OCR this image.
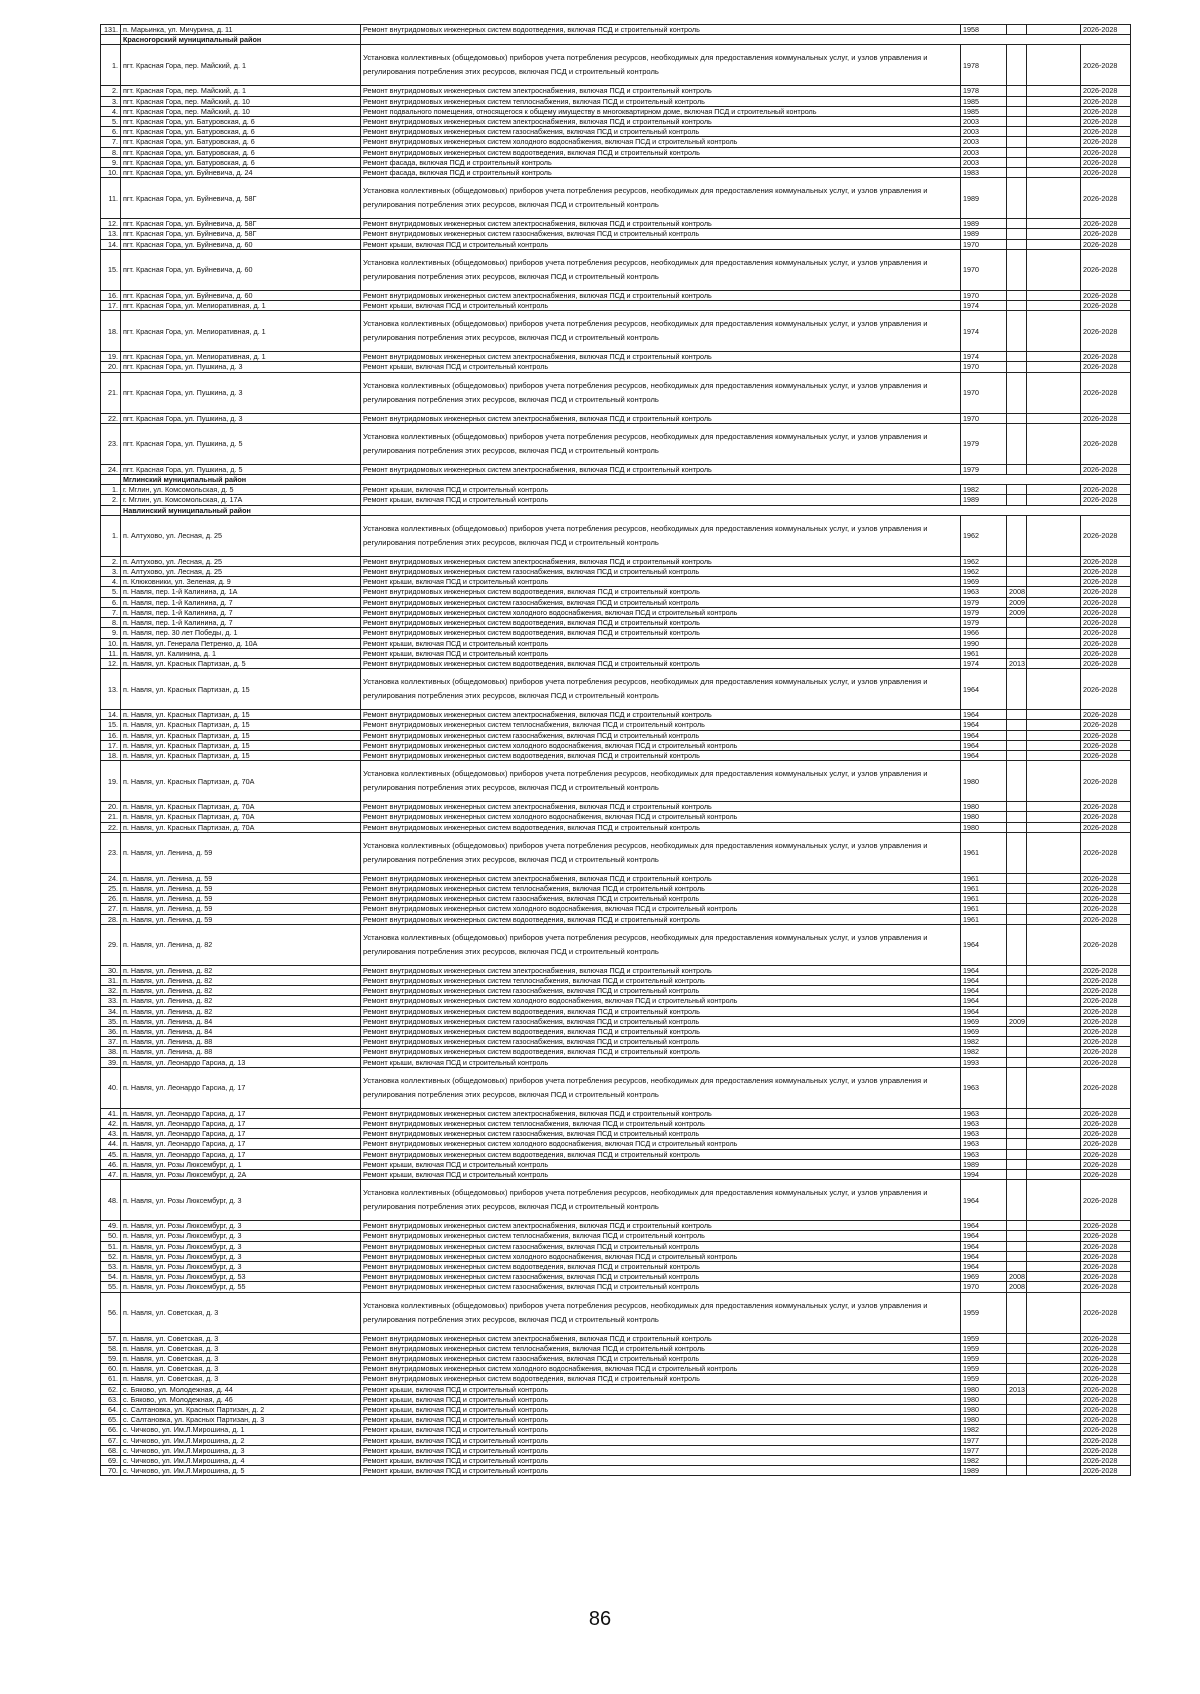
131.	п. Марьинка, ул. Мичурина, д. 11	Ремонт внутридомовых инженерных систем водоотведения, включая ПСД и строительный контроль	1958			2026-2028
	Красногорский муниципальный район					
1.	пгт. Красная Гора, пер. Майский, д. 1	Установка коллективных (общедомовых) приборов учета потребления ресурсов, необходимых для предоставления коммунальных услуг, и узлов управления и регулирования потребления этих ресурсов, включая ПСД и строительный контроль	1978			2026-2028
2.	пгт. Красная Гора, пер. Майский, д. 1	Ремонт внутридомовых инженерных систем электроснабжения, включая ПСД и строительный контроль	1978			2026-2028
3.	пгт. Красная Гора, пер. Майский, д. 10	Ремонт внутридомовых инженерных систем теплоснабжения, включая ПСД и строительный контроль	1985			2026-2028
4.	пгт. Красная Гора, пер. Майский, д. 10	Ремонт подвального помещения, относящегося к общему имуществу в многоквартирном доме, включая ПСД и строительный контроль	1985			2026-2028
5.	пгт. Красная Гора, ул. Батуровская, д. 6	Ремонт внутридомовых инженерных систем электроснабжения, включая ПСД и строительный контроль	2003			2026-2028
6.	пгт. Красная Гора, ул. Батуровская, д. 6	Ремонт внутридомовых инженерных систем газоснабжения, включая ПСД и строительный контроль	2003			2026-2028
7.	пгт. Красная Гора, ул. Батуровская, д. 6	Ремонт внутридомовых инженерных систем холодного водоснабжения, включая ПСД и строительный контроль	2003			2026-2028
8.	пгт. Красная Гора, ул. Батуровская, д. 6	Ремонт внутридомовых инженерных систем водоотведения, включая ПСД и строительный контроль	2003			2026-2028
9.	пгт. Красная Гора, ул. Батуровская, д. 6	Ремонт фасада, включая ПСД и строительный контроль	2003			2026-2028
10.	пгт. Красная Гора, ул. Буйневича, д. 24	Ремонт фасада, включая ПСД и строительный контроль	1983			2026-2028
11.	пгт. Красная Гора, ул. Буйневича, д. 58Г	Установка коллективных (общедомовых) приборов учета потребления ресурсов, необходимых для предоставления коммунальных услуг, и узлов управления и регулирования потребления этих ресурсов, включая ПСД и строительный контроль	1989			2026-2028
12.	пгт. Красная Гора, ул. Буйневича, д. 58Г	Ремонт внутридомовых инженерных систем электроснабжения, включая ПСД и строительный контроль	1989			2026-2028
13.	пгт. Красная Гора, ул. Буйневича, д. 58Г	Ремонт внутридомовых инженерных систем газоснабжения, включая ПСД и строительный контроль	1989			2026-2028
14.	пгт. Красная Гора, ул. Буйневича, д. 60	Ремонт крыши, включая ПСД и строительный контроль	1970			2026-2028
15.	пгт. Красная Гора, ул. Буйневича, д. 60	Установка коллективных (общедомовых) приборов учета потребления ресурсов, необходимых для предоставления коммунальных услуг, и узлов управления и регулирования потребления этих ресурсов, включая ПСД и строительный контроль	1970			2026-2028
16.	пгт. Красная Гора, ул. Буйневича, д. 60	Ремонт внутридомовых инженерных систем электроснабжения, включая ПСД и строительный контроль	1970			2026-2028
17.	пгт. Красная Гора, ул. Мелиоративная, д. 1	Ремонт крыши, включая ПСД и строительный контроль	1974			2026-2028
18.	пгт. Красная Гора, ул. Мелиоративная, д. 1	Установка коллективных (общедомовых) приборов учета потребления ресурсов, необходимых для предоставления коммунальных услуг, и узлов управления и регулирования потребления этих ресурсов, включая ПСД и строительный контроль	1974			2026-2028
19.	пгт. Красная Гора, ул. Мелиоративная, д. 1	Ремонт внутридомовых инженерных систем электроснабжения, включая ПСД и строительный контроль	1974			2026-2028
20.	пгт. Красная Гора, ул. Пушкина, д. 3	Ремонт крыши, включая ПСД и строительный контроль	1970			2026-2028
21.	пгт. Красная Гора, ул. Пушкина, д. 3	Установка коллективных (общедомовых) приборов учета потребления ресурсов, необходимых для предоставления коммунальных услуг, и узлов управления и регулирования потребления этих ресурсов, включая ПСД и строительный контроль	1970			2026-2028
22.	пгт. Красная Гора, ул. Пушкина, д. 3	Ремонт внутридомовых инженерных систем электроснабжения, включая ПСД и строительный контроль	1970			2026-2028
23.	пгт. Красная Гора, ул. Пушкина, д. 5	Установка коллективных (общедомовых) приборов учета потребления ресурсов, необходимых для предоставления коммунальных услуг, и узлов управления и регулирования потребления этих ресурсов, включая ПСД и строительный контроль	1979			2026-2028
24.	пгт. Красная Гора, ул. Пушкина, д. 5	Ремонт внутридомовых инженерных систем электроснабжения, включая ПСД и строительный контроль	1979			2026-2028
	Мглинский муниципальный район					
1.	г. Мглин, ул. Комсомольская, д. 5	Ремонт крыши, включая ПСД и строительный контроль	1982			2026-2028
2.	г. Мглин, ул. Комсомольская, д. 17А	Ремонт крыши, включая ПСД и строительный контроль	1989			2026-2028
	Навлинский муниципальный район					
1.	п. Алтухово, ул. Лесная, д. 25	Установка коллективных (общедомовых) приборов учета потребления ресурсов, необходимых для предоставления коммунальных услуг, и узлов управления и регулирования потребления этих ресурсов, включая ПСД и строительный контроль	1962			2026-2028
2.	п. Алтухово, ул. Лесная, д. 25	Ремонт внутридомовых инженерных систем электроснабжения, включая ПСД и строительный контроль	1962			2026-2028
3.	п. Алтухово, ул. Лесная, д. 25	Ремонт внутридомовых инженерных систем газоснабжения, включая ПСД и строительный контроль	1962			2026-2028
4.	п. Клюковники, ул. Зеленая, д. 9	Ремонт крыши, включая ПСД и строительный контроль	1969			2026-2028
5.	п. Навля, пер. 1-й Калинина, д. 1А	Ремонт внутридомовых инженерных систем водоотведения, включая ПСД и строительный контроль	1963	2008		2026-2028
6.	п. Навля, пер. 1-й Калинина, д. 7	Ремонт внутридомовых инженерных систем газоснабжения, включая ПСД и строительный контроль	1979	2009		2026-2028
7.	п. Навля, пер. 1-й Калинина, д. 7	Ремонт внутридомовых инженерных систем холодного водоснабжения, включая ПСД и строительный контроль	1979	2009		2026-2028
8.	п. Навля, пер. 1-й Калинина, д. 7	Ремонт внутридомовых инженерных систем водоотведения, включая ПСД и строительный контроль	1979			2026-2028
9.	п. Навля, пер. 30 лет Победы, д. 1	Ремонт внутридомовых инженерных систем водоотведения, включая ПСД и строительный контроль	1966			2026-2028
10.	п. Навля, ул. Генерала Петренко, д. 10А	Ремонт крыши, включая ПСД и строительный контроль	1990			2026-2028
11.	п. Навля, ул. Калинина, д. 1	Ремонт крыши, включая ПСД и строительный контроль	1961			2026-2028
12.	п. Навля, ул. Красных Партизан, д. 5	Ремонт внутридомовых инженерных систем водоотведения, включая ПСД и строительный контроль	1974	2013		2026-2028
13.	п. Навля, ул. Красных Партизан, д. 15	Установка коллективных (общедомовых) приборов учета потребления ресурсов, необходимых для предоставления коммунальных услуг, и узлов управления и регулирования потребления этих ресурсов, включая ПСД и строительный контроль	1964			2026-2028
14.	п. Навля, ул. Красных Партизан, д. 15	Ремонт внутридомовых инженерных систем электроснабжения, включая ПСД и строительный контроль	1964			2026-2028
15.	п. Навля, ул. Красных Партизан, д. 15	Ремонт внутридомовых инженерных систем теплоснабжения, включая ПСД и строительный контроль	1964			2026-2028
16.	п. Навля, ул. Красных Партизан, д. 15	Ремонт внутридомовых инженерных систем газоснабжения, включая ПСД и строительный контроль	1964			2026-2028
17.	п. Навля, ул. Красных Партизан, д. 15	Ремонт внутридомовых инженерных систем холодного водоснабжения, включая ПСД и строительный контроль	1964			2026-2028
18.	п. Навля, ул. Красных Партизан, д. 15	Ремонт внутридомовых инженерных систем водоотведения, включая ПСД и строительный контроль	1964			2026-2028
19.	п. Навля, ул. Красных Партизан, д. 70А	Установка коллективных (общедомовых) приборов учета потребления ресурсов, необходимых для предоставления коммунальных услуг, и узлов управления и регулирования потребления этих ресурсов, включая ПСД и строительный контроль	1980			2026-2028
20.	п. Навля, ул. Красных Партизан, д. 70А	Ремонт внутридомовых инженерных систем электроснабжения, включая ПСД и строительный контроль	1980			2026-2028
21.	п. Навля, ул. Красных Партизан, д. 70А	Ремонт внутридомовых инженерных систем холодного водоснабжения, включая ПСД и строительный контроль	1980			2026-2028
22.	п. Навля, ул. Красных Партизан, д. 70А	Ремонт внутридомовых инженерных систем водоотведения, включая ПСД и строительный контроль	1980			2026-2028
23.	п. Навля, ул. Ленина, д. 59	Установка коллективных (общедомовых) приборов учета потребления ресурсов, необходимых для предоставления коммунальных услуг, и узлов управления и регулирования потребления этих ресурсов, включая ПСД и строительный контроль	1961			2026-2028
24.	п. Навля, ул. Ленина, д. 59	Ремонт внутридомовых инженерных систем электроснабжения, включая ПСД и строительный контроль	1961			2026-2028
25.	п. Навля, ул. Ленина, д. 59	Ремонт внутридомовых инженерных систем теплоснабжения, включая ПСД и строительный контроль	1961			2026-2028
26.	п. Навля, ул. Ленина, д. 59	Ремонт внутридомовых инженерных систем газоснабжения, включая ПСД и строительный контроль	1961			2026-2028
27.	п. Навля, ул. Ленина, д. 59	Ремонт внутридомовых инженерных систем холодного водоснабжения, включая ПСД и строительный контроль	1961			2026-2028
28.	п. Навля, ул. Ленина, д. 59	Ремонт внутридомовых инженерных систем водоотведения, включая ПСД и строительный контроль	1961			2026-2028
29.	п. Навля, ул. Ленина, д. 82	Установка коллективных (общедомовых) приборов учета потребления ресурсов, необходимых для предоставления коммунальных услуг, и узлов управления и регулирования потребления этих ресурсов, включая ПСД и строительный контроль	1964			2026-2028
30.	п. Навля, ул. Ленина, д. 82	Ремонт внутридомовых инженерных систем электроснабжения, включая ПСД и строительный контроль	1964			2026-2028
31.	п. Навля, ул. Ленина, д. 82	Ремонт внутридомовых инженерных систем теплоснабжения, включая ПСД и строительный контроль	1964			2026-2028
32.	п. Навля, ул. Ленина, д. 82	Ремонт внутридомовых инженерных систем газоснабжения, включая ПСД и строительный контроль	1964			2026-2028
33.	п. Навля, ул. Ленина, д. 82	Ремонт внутридомовых инженерных систем холодного водоснабжения, включая ПСД и строительный контроль	1964			2026-2028
34.	п. Навля, ул. Ленина, д. 82	Ремонт внутридомовых инженерных систем водоотведения, включая ПСД и строительный контроль	1964			2026-2028
35.	п. Навля, ул. Ленина, д. 84	Ремонт внутридомовых инженерных систем газоснабжения, включая ПСД и строительный контроль	1969	2009		2026-2028
36.	п. Навля, ул. Ленина, д. 84	Ремонт внутридомовых инженерных систем водоотведения, включая ПСД и строительный контроль	1969			2026-2028
37.	п. Навля, ул. Ленина, д. 88	Ремонт внутридомовых инженерных систем газоснабжения, включая ПСД и строительный контроль	1982			2026-2028
38.	п. Навля, ул. Ленина, д. 88	Ремонт внутридомовых инженерных систем водоотведения, включая ПСД и строительный контроль	1982			2026-2028
39.	п. Навля, ул. Леонардо Гарсиа, д. 13	Ремонт крыши, включая ПСД и строительный контроль	1993			2026-2028
40.	п. Навля, ул. Леонардо Гарсиа, д. 17	Установка коллективных (общедомовых) приборов учета потребления ресурсов, необходимых для предоставления коммунальных услуг, и узлов управления и регулирования потребления этих ресурсов, включая ПСД и строительный контроль	1963			2026-2028
41.	п. Навля, ул. Леонардо Гарсиа, д. 17	Ремонт внутридомовых инженерных систем электроснабжения, включая ПСД и строительный контроль	1963			2026-2028
42.	п. Навля, ул. Леонардо Гарсиа, д. 17	Ремонт внутридомовых инженерных систем теплоснабжения, включая ПСД и строительный контроль	1963			2026-2028
43.	п. Навля, ул. Леонардо Гарсиа, д. 17	Ремонт внутридомовых инженерных систем газоснабжения, включая ПСД и строительный контроль	1963			2026-2028
44.	п. Навля, ул. Леонардо Гарсиа, д. 17	Ремонт внутридомовых инженерных систем холодного водоснабжения, включая ПСД и строительный контроль	1963			2026-2028
45.	п. Навля, ул. Леонардо Гарсиа, д. 17	Ремонт внутридомовых инженерных систем водоотведения, включая ПСД и строительный контроль	1963			2026-2028
46.	п. Навля, ул. Розы Люксембург, д. 1	Ремонт крыши, включая ПСД и строительный контроль	1989			2026-2028
47.	п. Навля, ул. Розы Люксембург, д. 2А	Ремонт крыши, включая ПСД и строительный контроль	1994			2026-2028
48.	п. Навля, ул. Розы Люксембург, д. 3	Установка коллективных (общедомовых) приборов учета потребления ресурсов, необходимых для предоставления коммунальных услуг, и узлов управления и регулирования потребления этих ресурсов, включая ПСД и строительный контроль	1964			2026-2028
49.	п. Навля, ул. Розы Люксембург, д. 3	Ремонт внутридомовых инженерных систем электроснабжения, включая ПСД и строительный контроль	1964			2026-2028
50.	п. Навля, ул. Розы Люксембург, д. 3	Ремонт внутридомовых инженерных систем теплоснабжения, включая ПСД и строительный контроль	1964			2026-2028
51.	п. Навля, ул. Розы Люксембург, д. 3	Ремонт внутридомовых инженерных систем газоснабжения, включая ПСД и строительный контроль	1964			2026-2028
52.	п. Навля, ул. Розы Люксембург, д. 3	Ремонт внутридомовых инженерных систем холодного водоснабжения, включая ПСД и строительный контроль	1964			2026-2028
53.	п. Навля, ул. Розы Люксембург, д. 3	Ремонт внутридомовых инженерных систем водоотведения, включая ПСД и строительный контроль	1964			2026-2028
54.	п. Навля, ул. Розы Люксембург, д. 53	Ремонт внутридомовых инженерных систем газоснабжения, включая ПСД и строительный контроль	1969	2008		2026-2028
55.	п. Навля, ул. Розы Люксембург, д. 55	Ремонт внутридомовых инженерных систем газоснабжения, включая ПСД и строительный контроль	1970	2008		2026-2028
56.	п. Навля, ул. Советская, д. 3	Установка коллективных (общедомовых) приборов учета потребления ресурсов, необходимых для предоставления коммунальных услуг, и узлов управления и регулирования потребления этих ресурсов, включая ПСД и строительный контроль	1959			2026-2028
57.	п. Навля, ул. Советская, д. 3	Ремонт внутридомовых инженерных систем электроснабжения, включая ПСД и строительный контроль	1959			2026-2028
58.	п. Навля, ул. Советская, д. 3	Ремонт внутридомовых инженерных систем теплоснабжения, включая ПСД и строительный контроль	1959			2026-2028
59.	п. Навля, ул. Советская, д. 3	Ремонт внутридомовых инженерных систем газоснабжения, включая ПСД и строительный контроль	1959			2026-2028
60.	п. Навля, ул. Советская, д. 3	Ремонт внутридомовых инженерных систем холодного водоснабжения, включая ПСД и строительный контроль	1959			2026-2028
61.	п. Навля, ул. Советская, д. 3	Ремонт внутридомовых инженерных систем водоотведения, включая ПСД и строительный контроль	1959			2026-2028
62.	с. Бяково, ул. Молодежная, д. 44	Ремонт крыши, включая ПСД и строительный контроль	1980	2013		2026-2028
63.	с. Бяково, ул. Молодежная, д. 46	Ремонт крыши, включая ПСД и строительный контроль	1980			2026-2028
64.	с. Салтановка, ул. Красных Партизан, д. 2	Ремонт крыши, включая ПСД и строительный контроль	1980			2026-2028
65.	с. Салтановка, ул. Красных Партизан, д. 3	Ремонт крыши, включая ПСД и строительный контроль	1980			2026-2028
66.	с. Чичково, ул. Им.Л.Мирошина, д. 1	Ремонт крыши, включая ПСД и строительный контроль	1982			2026-2028
67.	с. Чичково, ул. Им.Л.Мирошина, д. 2	Ремонт крыши, включая ПСД и строительный контроль	1977			2026-2028
68.	с. Чичково, ул. Им.Л.Мирошина, д. 3	Ремонт крыши, включая ПСД и строительный контроль	1977			2026-2028
69.	с. Чичково, ул. Им.Л.Мирошина, д. 4	Ремонт крыши, включая ПСД и строительный контроль	1982			2026-2028
70.	с. Чичково, ул. Им.Л.Мирошина, д. 5	Ремонт крыши, включая ПСД и строительный контроль	1989			2026-2028
86
